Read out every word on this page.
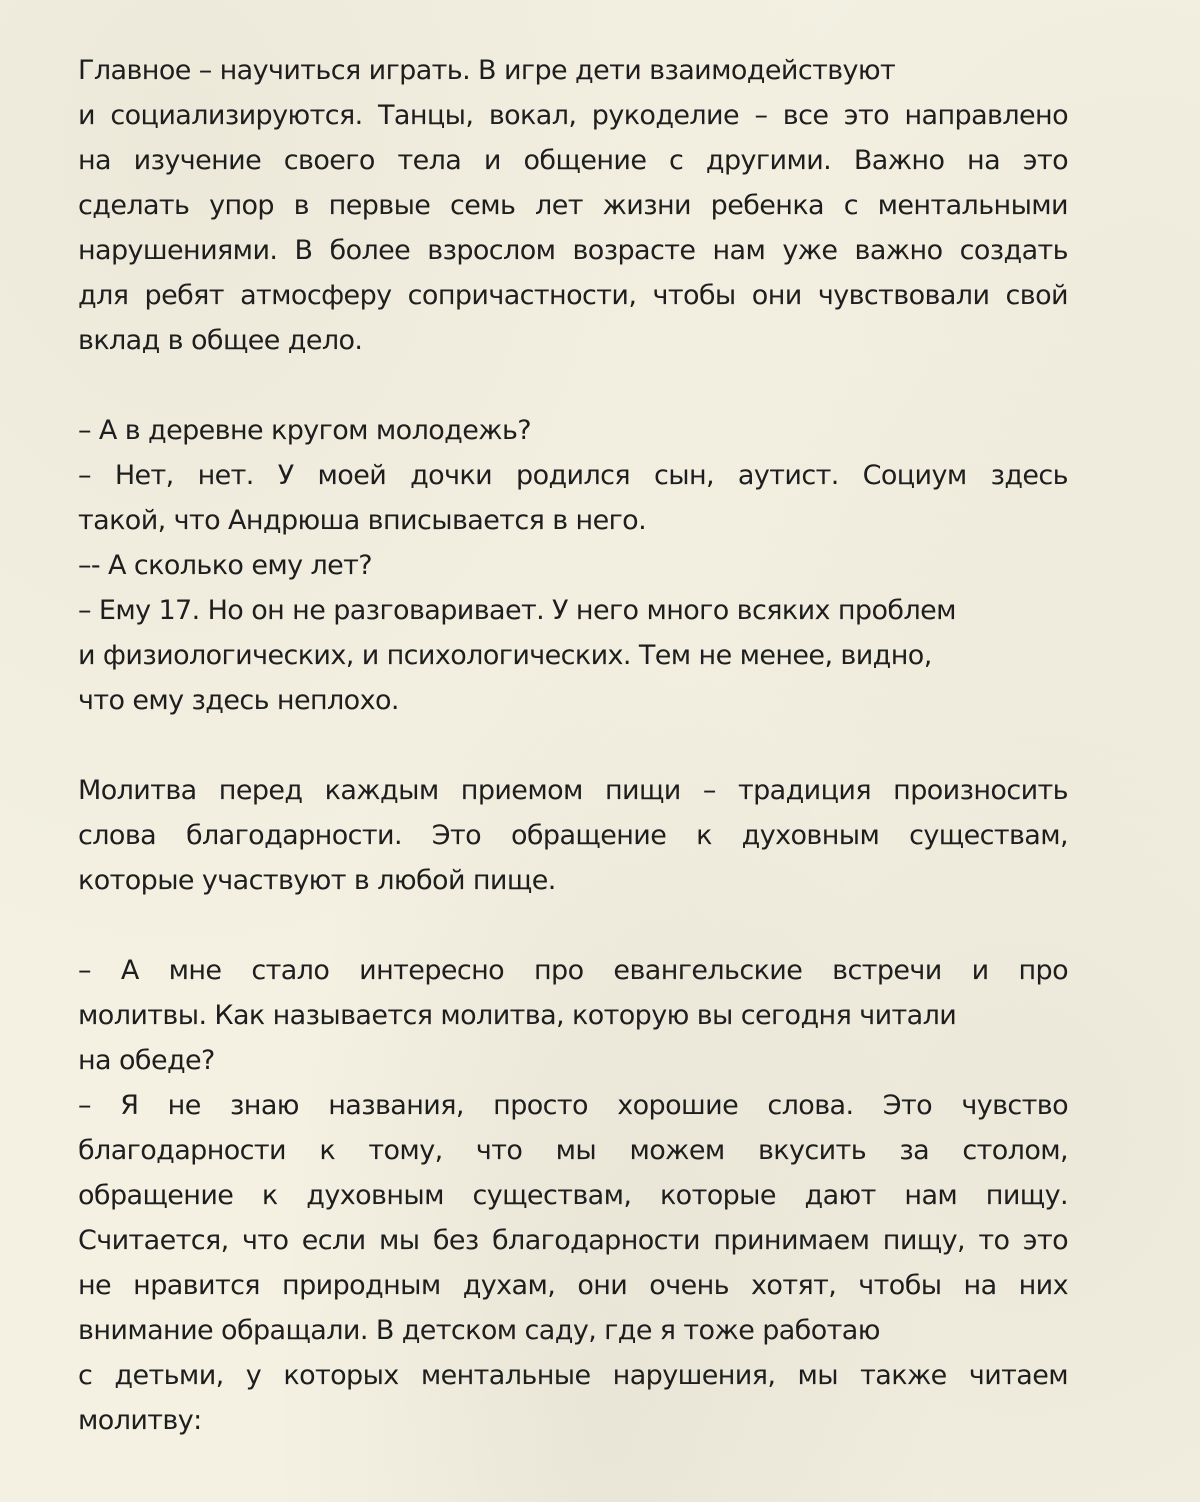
Главное – научиться играть. В игре дети взаимодействуют
и социализируются. Танцы, вокал, рукоделие – все это направлено
на изучение своего тела и общение с другими. Важно на это
сделать упор в первые семь лет жизни ребенка с ментальными
нарушениями. В более взрослом возрасте нам уже важно создать
для ребят атмосферу сопричастности, чтобы они чувствовали свой
вклад в общее дело.
– А в деревне кругом молодежь?
– Нет, нет. У моей дочки родился сын, аутист. Социум здесь
такой, что Андрюша вписывается в него.
–- А сколько ему лет?
– Ему 17. Но он не разговаривает. У него много всяких проблем
и физиологических, и психологических. Тем не менее, видно,
что ему здесь неплохо.
Молитва перед каждым приемом пищи – традиция произносить
слова благодарности. Это обращение к духовным существам,
которые участвуют в любой пище.
– А мне стало интересно про евангельские встречи и про
молитвы. Как называется молитва, которую вы сегодня читали
на обеде?
– Я не знаю названия, просто хорошие слова. Это чувство
благодарности к тому, что мы можем вкусить за столом,
обращение к духовным существам, которые дают нам пищу.
Считается, что если мы без благодарности принимаем пищу, то это
не нравится природным духам, они очень хотят, чтобы на них
внимание обращали. В детском саду, где я тоже работаю
с детьми, у которых ментальные нарушения, мы также читаем
молитву:
